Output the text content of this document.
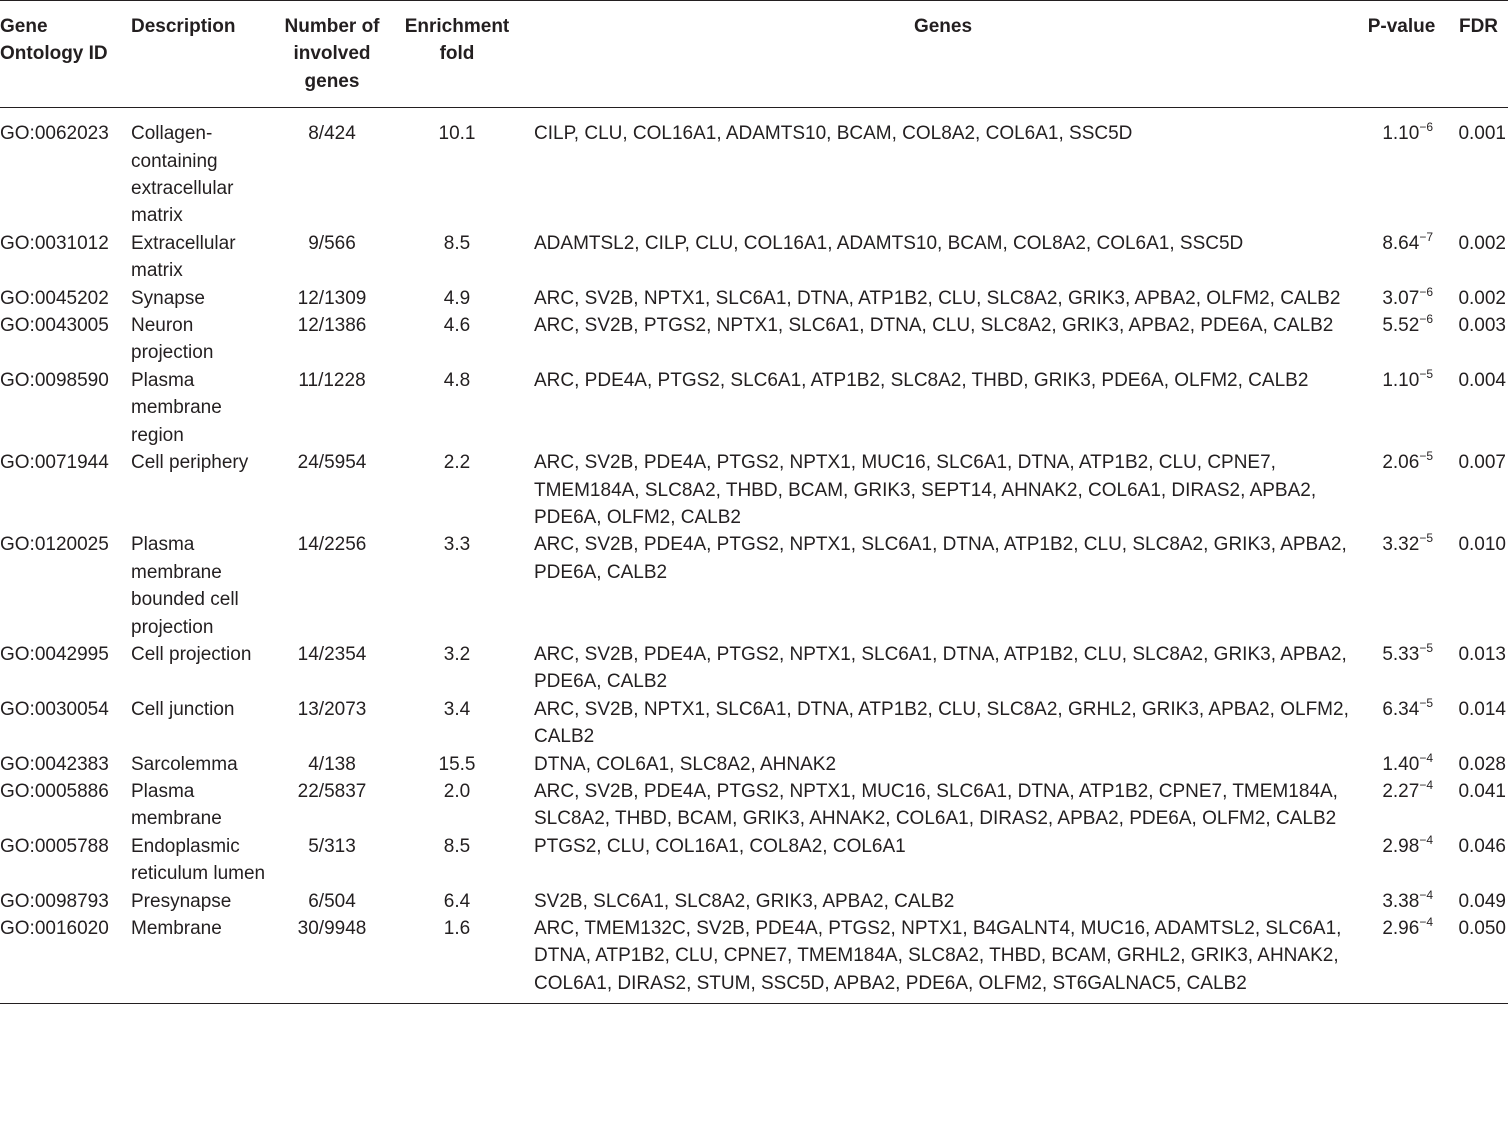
Gene Ontology ID	Description	Number of involved genes	Enrichment fold	Genes	P-value	FDR
GO:0062023	Collagen-containing extracellular matrix	8/424	10.1	CILP, CLU, COL16A1, ADAMTS10, BCAM, COL8A2, COL6A1, SSC5D	$1.10^{-6}$	0.001
GO:0031012	Extracellular matrix	9/566	8.5	ADAMTSL2, CILP, CLU, COL16A1, ADAMTS10, BCAM, COL8A2, COL6A1, SSC5D	$8.64^{-7}$	0.002
GO:0045202	Synapse	12/1309	4.9	ARC, SV2B, NPTX1, SLC6A1, DTNA, ATP1B2, CLU, SLC8A2, GRIK3, APBA2, OLFM2, CALB2	$3.07^{-6}$	0.002
GO:0043005	Neuron projection	12/1386	4.6	ARC, SV2B, PTGS2, NPTX1, SLC6A1, DTNA, CLU, SLC8A2, GRIK3, APBA2, PDE6A, CALB2	$5.52^{-6}$	0.003
GO:0098590	Plasma membrane region	11/1228	4.8	ARC, PDE4A, PTGS2, SLC6A1, ATP1B2, SLC8A2, THBD, GRIK3, PDE6A, OLFM2, CALB2	$1.10^{-5}$	0.004
GO:0071944	Cell periphery	24/5954	2.2	ARC, SV2B, PDE4A, PTGS2, NPTX1, MUC16, SLC6A1, DTNA, ATP1B2, CLU, CPNE7, TMEM184A, SLC8A2, THBD, BCAM, GRIK3, SEPT14, AHNAK2, COL6A1, DIRAS2, APBA2, PDE6A, OLFM2, CALB2	$2.06^{-5}$	0.007
GO:0120025	Plasma membrane bounded cell projection	14/2256	3.3	ARC, SV2B, PDE4A, PTGS2, NPTX1, SLC6A1, DTNA, ATP1B2, CLU, SLC8A2, GRIK3, APBA2, PDE6A, CALB2	$3.32^{-5}$	0.010
GO:0042995	Cell projection	14/2354	3.2	ARC, SV2B, PDE4A, PTGS2, NPTX1, SLC6A1, DTNA, ATP1B2, CLU, SLC8A2, GRIK3, APBA2, PDE6A, CALB2	$5.33^{-5}$	0.013
GO:0030054	Cell junction	13/2073	3.4	ARC, SV2B, NPTX1, SLC6A1, DTNA, ATP1B2, CLU, SLC8A2, GRHL2, GRIK3, APBA2, OLFM2, CALB2	$6.34^{-5}$	0.014
GO:0042383	Sarcolemma	4/138	15.5	DTNA, COL6A1, SLC8A2, AHNAK2	$1.40^{-4}$	0.028
GO:0005886	Plasma membrane	22/5837	2.0	ARC, SV2B, PDE4A, PTGS2, NPTX1, MUC16, SLC6A1, DTNA, ATP1B2, CPNE7, TMEM184A, SLC8A2, THBD, BCAM, GRIK3, AHNAK2, COL6A1, DIRAS2, APBA2, PDE6A, OLFM2, CALB2	$2.27^{-4}$	0.041
GO:0005788	Endoplasmic reticulum lumen	5/313	8.5	PTGS2, CLU, COL16A1, COL8A2, COL6A1	$2.98^{-4}$	0.046
GO:0098793	Presynapse	6/504	6.4	SV2B, SLC6A1, SLC8A2, GRIK3, APBA2, CALB2	$3.38^{-4}$	0.049
GO:0016020	Membrane	30/9948	1.6	ARC, TMEM132C, SV2B, PDE4A, PTGS2, NPTX1, B4GALNT4, MUC16, ADAMTSL2, SLC6A1, DTNA, ATP1B2, CLU, CPNE7, TMEM184A, SLC8A2, THBD, BCAM, GRHL2, GRIK3, AHNAK2, COL6A1, DIRAS2, STUM, SSC5D, APBA2, PDE6A, OLFM2, ST6GALNAC5, CALB2	$2.96^{-4}$	0.050
